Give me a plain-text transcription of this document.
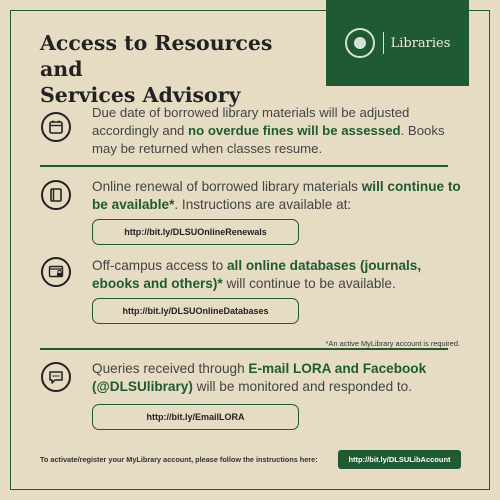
Access to Resources and
Services Advisory
Libraries
Due date of borrowed library materials will be adjusted accordingly and no overdue fines will be assessed. Books may be returned when classes resume.
Online renewal of borrowed library materials will continue to be available*. Instructions are available at:
http://bit.ly/DLSUOnlineRenewals
Off-campus access to all online databases (journals, ebooks and others)* will continue to be available.
http://bit.ly/DLSUOnlineDatabases
*An active MyLibrary account is required.
Queries received through E-mail LORA and Facebook (@DLSUlibrary) will be monitored and responded to.
http://bit.ly/EmailLORA
To activate/register your MyLibrary account, please follow the instructions here:	http://bit.ly/DLSULibAccount
